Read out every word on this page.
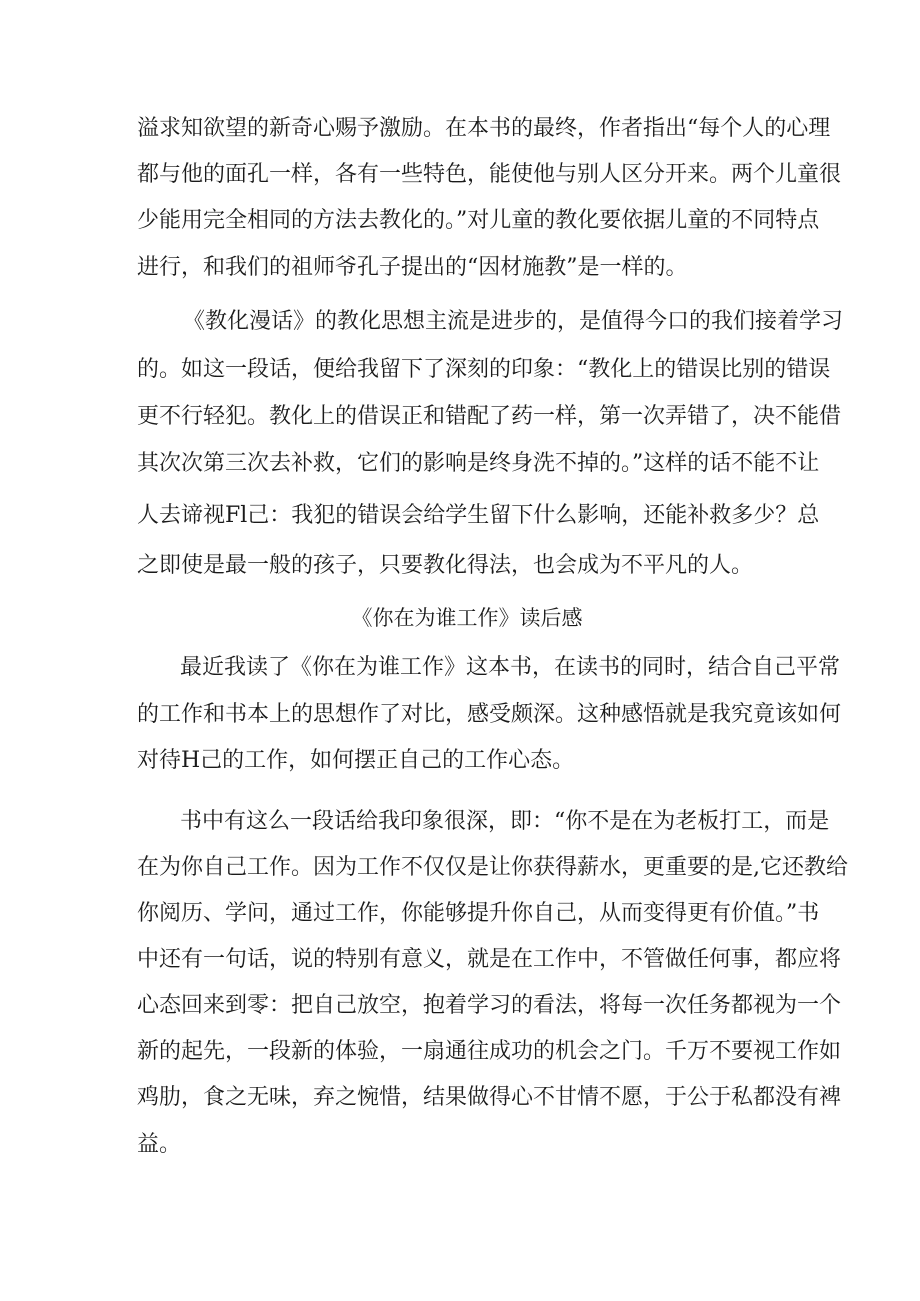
溢求知欲望的新奇心赐予激励。在本书的最终，作者指出“每个人的心理
都与他的面孔一样，各有一些特色，能使他与别人区分开来。两个儿童很
少能用完全相同的方法去教化的。”对儿童的教化要依据儿童的不同特点
进行，和我们的祖师爷孔子提出的“因材施教”是一样的。
《教化漫话》的教化思想主流是进步的，是值得今口的我们接着学习
的。如这一段话，便给我留下了深刻的印象：“教化上的错误比别的错误
更不行轻犯。教化上的借误正和错配了药一样，第一次弄错了，决不能借
其次次第三次去补救，它们的影响是终身洗不掉的。”这样的话不能不让
人去谛视Fl己：我犯的错误会给学生留下什么影响，还能补救多少？总
之即使是最一般的孩子，只要教化得法，也会成为不平凡的人。
《你在为谁工作》读后感
最近我读了《你在为谁工作》这本书，在读书的同时，结合自己平常
的工作和书本上的思想作了对比，感受颇深。这种感悟就是我究竟该如何
对待H己的工作，如何摆正自己的工作心态。
书中有这么一段话给我印象很深，即：“你不是在为老板打工，而是
在为你自己工作。因为工作不仅仅是让你获得薪水，更重要的是,它还教给
你阅历、学问，通过工作，你能够提升你自己，从而变得更有价值。”书
中还有一句话，说的特别有意义，就是在工作中，不管做任何事，都应将
心态回来到零：把自己放空，抱着学习的看法，将每一次任务都视为一个
新的起先，一段新的体验，一扇通往成功的机会之门。千万不要视工作如
鸡肋，食之无味，弃之惋惜，结果做得心不甘情不愿，于公于私都没有裨
益。
